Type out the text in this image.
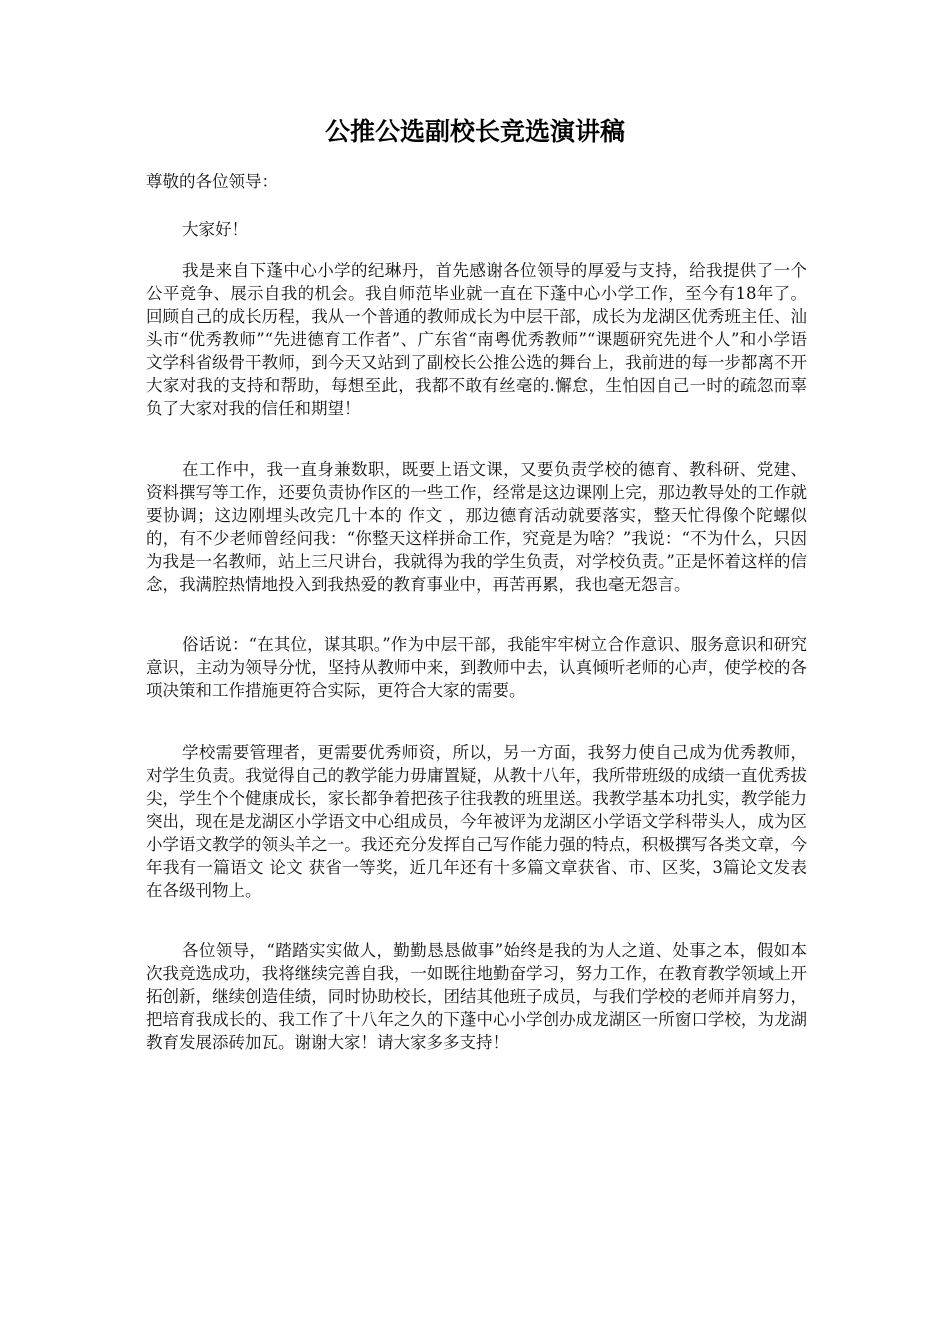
公推公选副校长竞选演讲稿

尊敬的各位领导：

大家好！

我是来自下蓬中心小学的纪琳丹，首先感谢各位领导的厚爱与支持，给我提供了一个公平竞争、展示自我的机会。我自师范毕业就一直在下蓬中心小学工作，至今有18年了。回顾自己的成长历程，我从一个普通的教师成长为中层干部，成长为龙湖区优秀班主任、汕头市“优秀教师”“先进德育工作者”、广东省“南粤优秀教师”“课题研究先进个人”和小学语文学科省级骨干教师，到今天又站到了副校长公推公选的舞台上，我前进的每一步都离不开大家对我的支持和帮助，每想至此，我都不敢有丝毫的.懈怠，生怕因自己一时的疏忽而辜负了大家对我的信任和期望！

在工作中，我一直身兼数职，既要上语文课，又要负责学校的德育、教科研、党建、资料撰写等工作，还要负责协作区的一些工作，经常是这边课刚上完，那边教导处的工作就要协调；这边刚埋头改完几十本的 作文 ，那边德育活动就要落实，整天忙得像个陀螺似的，有不少老师曾经问我：“你整天这样拼命工作，究竟是为啥？”我说：“不为什么，只因为我是一名教师，站上三尺讲台，我就得为我的学生负责，对学校负责。”正是怀着这样的信念，我满腔热情地投入到我热爱的教育事业中，再苦再累，我也毫无怨言。

俗话说：“在其位，谋其职。”作为中层干部，我能牢牢树立合作意识、服务意识和研究意识，主动为领导分忧，坚持从教师中来，到教师中去，认真倾听老师的心声，使学校的各项决策和工作措施更符合实际，更符合大家的需要。

学校需要管理者，更需要优秀师资，所以，另一方面，我努力使自己成为优秀教师，对学生负责。我觉得自己的教学能力毋庸置疑，从教十八年，我所带班级的成绩一直优秀拔尖，学生个个健康成长，家长都争着把孩子往我教的班里送。我教学基本功扎实，教学能力突出，现在是龙湖区小学语文中心组成员，今年被评为龙湖区小学语文学科带头人，成为区小学语文教学的领头羊之一。我还充分发挥自己写作能力强的特点，积极撰写各类文章，今年我有一篇语文 论文 获省一等奖，近几年还有十多篇文章获省、市、区奖，3篇论文发表在各级刊物上。

各位领导，“踏踏实实做人，勤勤恳恳做事”始终是我的为人之道、处事之本，假如本次我竞选成功，我将继续完善自我，一如既往地勤奋学习，努力工作，在教育教学领域上开拓创新，继续创造佳绩，同时协助校长，团结其他班子成员，与我们学校的老师并肩努力，把培育我成长的、我工作了十八年之久的下蓬中心小学创办成龙湖区一所窗口学校，为龙湖教育发展添砖加瓦。谢谢大家！请大家多多支持！
